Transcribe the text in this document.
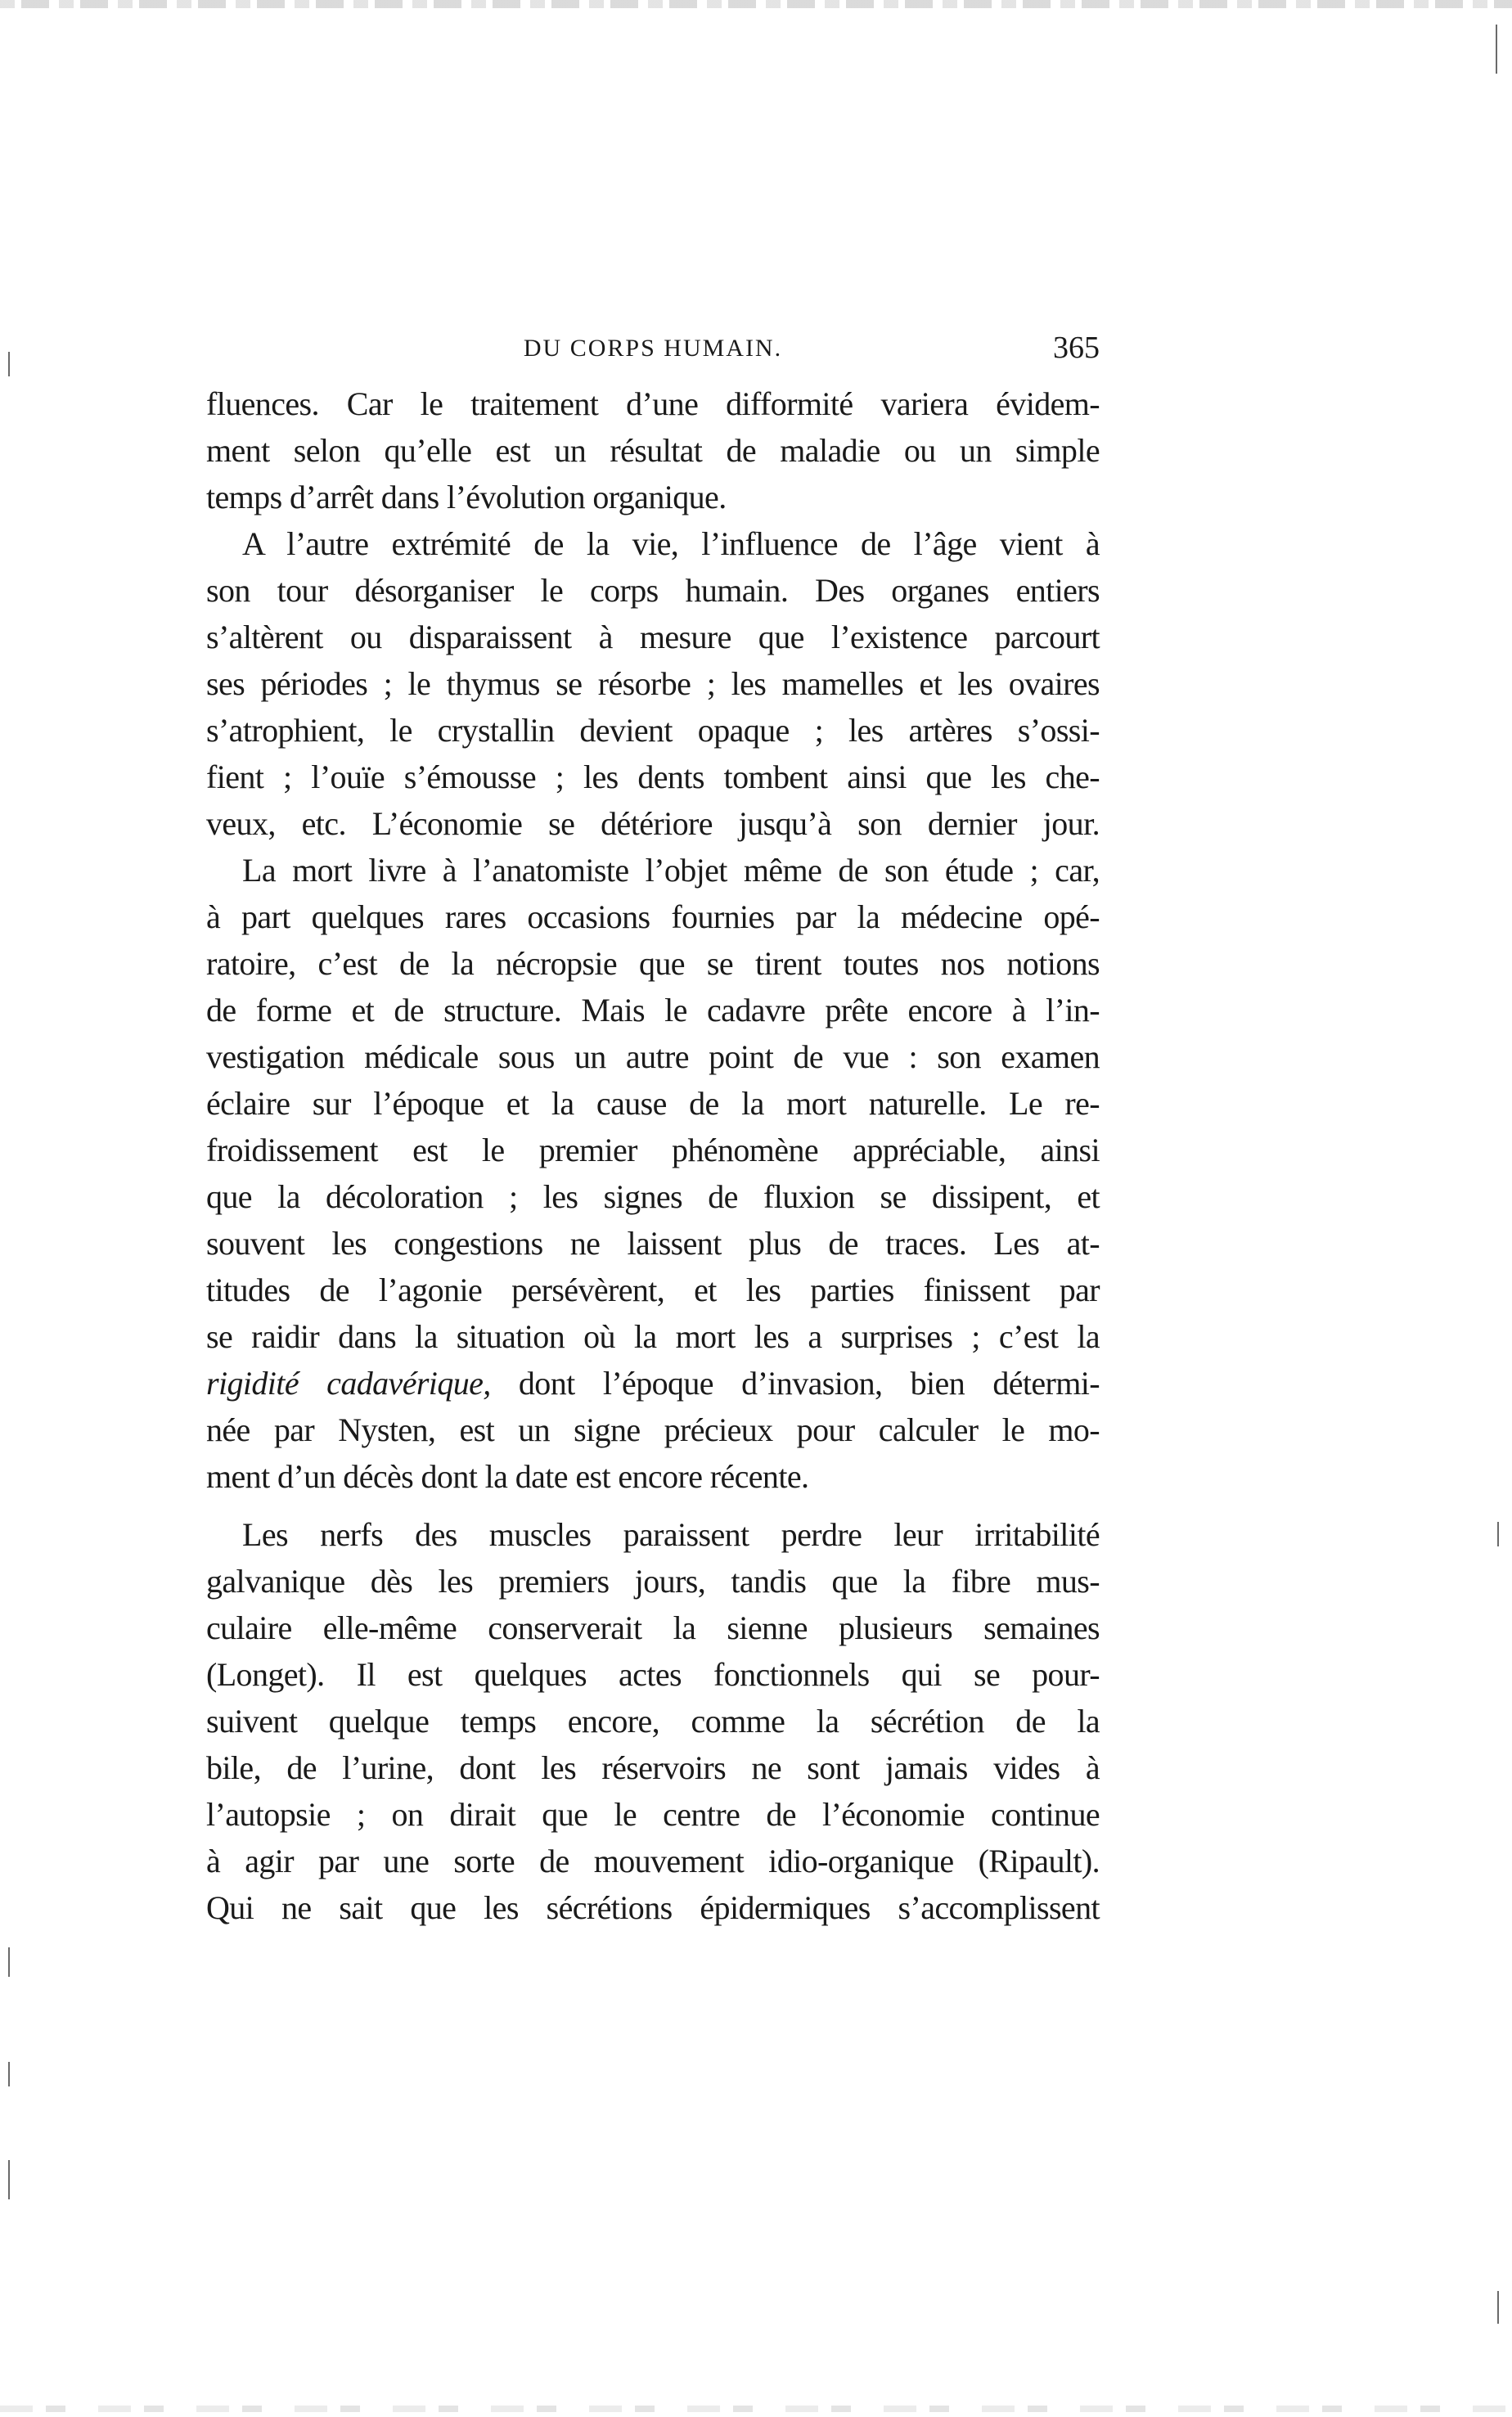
DU CORPS HUMAIN.	365
fluences. Car le traitement d’une difformité variera évidem-
ment selon qu’elle est un résultat de maladie ou un simple
temps d’arrêt dans l’évolution organique.
A l’autre extrémité de la vie, l’influence de l’âge vient à
son tour désorganiser le corps humain. Des organes entiers
s’altèrent ou disparaissent à mesure que l’existence parcourt
ses périodes ; le thymus se résorbe ; les mamelles et les ovaires
s’atrophient, le crystallin devient opaque ; les artères s’ossi-
fient ; l’ouïe s’émousse ; les dents tombent ainsi que les che-
veux, etc. L’économie se détériore jusqu’à son dernier jour.
La mort livre à l’anatomiste l’objet même de son étude ; car,
à part quelques rares occasions fournies par la médecine opé-
ratoire, c’est de la nécropsie que se tirent toutes nos notions
de forme et de structure. Mais le cadavre prête encore à l’in-
vestigation médicale sous un autre point de vue : son examen
éclaire sur l’époque et la cause de la mort naturelle. Le re-
froidissement est le premier phénomène appréciable, ainsi
que la décoloration ; les signes de fluxion se dissipent, et
souvent les congestions ne laissent plus de traces. Les at-
titudes de l’agonie persévèrent, et les parties finissent par
se raidir dans la situation où la mort les a surprises ; c’est la
rigidité cadavérique, dont l’époque d’invasion, bien détermi-
née par Nysten, est un signe précieux pour calculer le mo-
ment d’un décès dont la date est encore récente.
Les nerfs des muscles paraissent perdre leur irritabilité
galvanique dès les premiers jours, tandis que la fibre mus-
culaire elle-même conserverait la sienne plusieurs semaines
(Longet). Il est quelques actes fonctionnels qui se pour-
suivent quelque temps encore, comme la sécrétion de la
bile, de l’urine, dont les réservoirs ne sont jamais vides à
l’autopsie ; on dirait que le centre de l’économie continue
à agir par une sorte de mouvement idio-organique (Ripault).
Qui ne sait que les sécrétions épidermiques s’accomplissent
